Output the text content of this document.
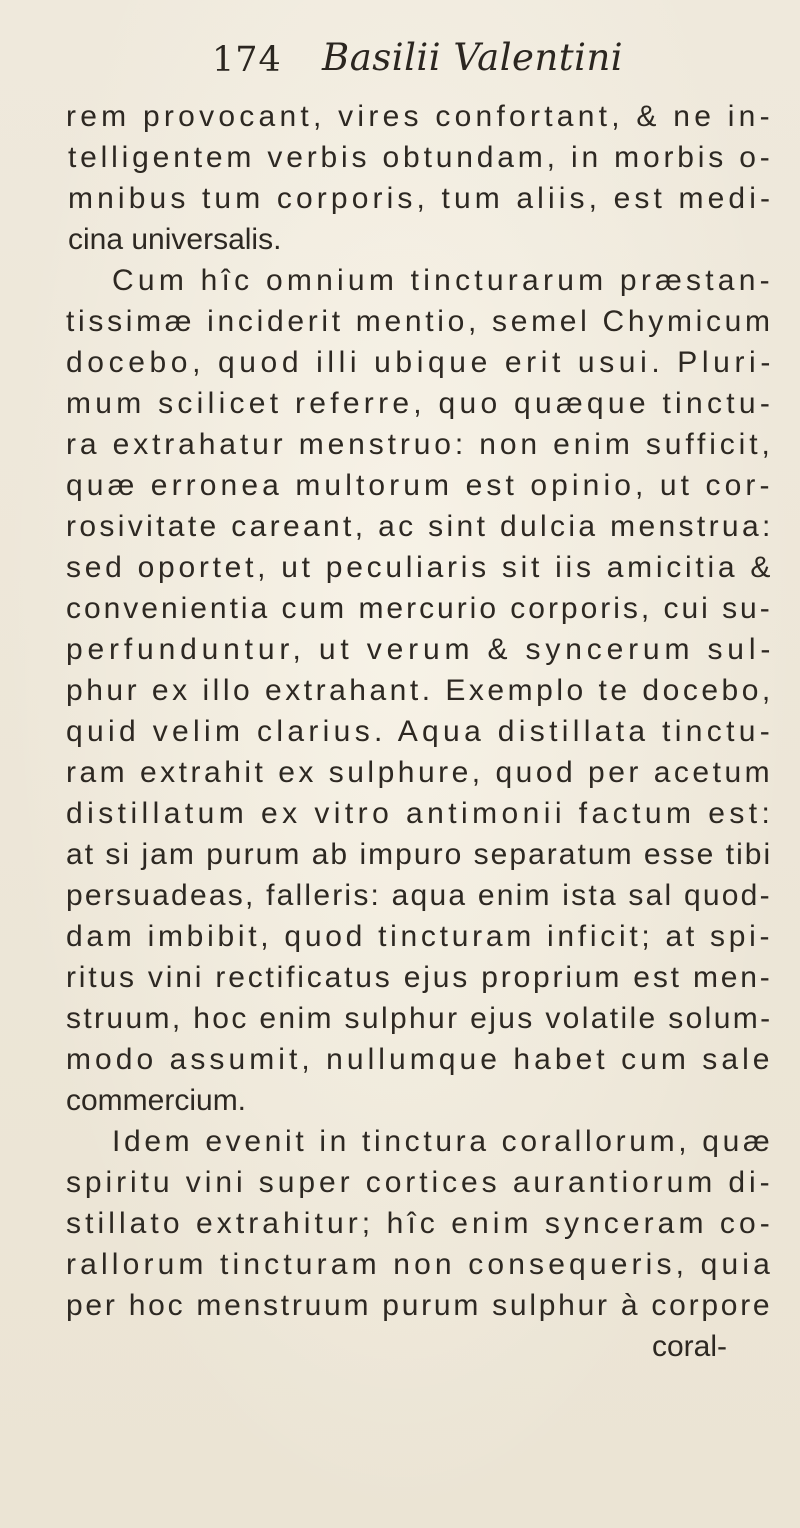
174 Basilii Valentini
rem provocant, vires confortant, & ne in-
telligentem verbis obtundam, in morbis o-
mnibus tum corporis, tum aliis, est medi-
cina universalis.
Cum hîc omnium tincturarum præstan-
tissimæ inciderit mentio, semel Chymicum
docebo, quod illi ubique erit usui. Pluri-
mum scilicet referre, quo quæque tinctu-
ra extrahatur menstruo: non enim sufficit,
quæ erronea multorum est opinio, ut cor-
rosivitate careant, ac sint dulcia menstrua:
sed oportet, ut peculiaris sit iis amicitia &
convenientia cum mercurio corporis, cui su-
perfunduntur, ut verum & syncerum sul-
phur ex illo extrahant. Exemplo te docebo,
quid velim clarius. Aqua distillata tinctu-
ram extrahit ex sulphure, quod per acetum
distillatum ex vitro antimonii factum est:
at si jam purum ab impuro separatum esse tibi
persuadeas, falleris: aqua enim ista sal quod-
dam imbibit, quod tincturam inficit; at spi-
ritus vini rectificatus ejus proprium est men-
struum, hoc enim sulphur ejus volatile solum-
modo assumit, nullumque habet cum sale
commercium.
Idem evenit in tinctura corallorum, quæ
spiritu vini super cortices aurantiorum di-
stillato extrahitur; hîc enim synceram co-
rallorum tincturam non consequeris, quia
per hoc menstruum purum sulphur à corpore
coral-
